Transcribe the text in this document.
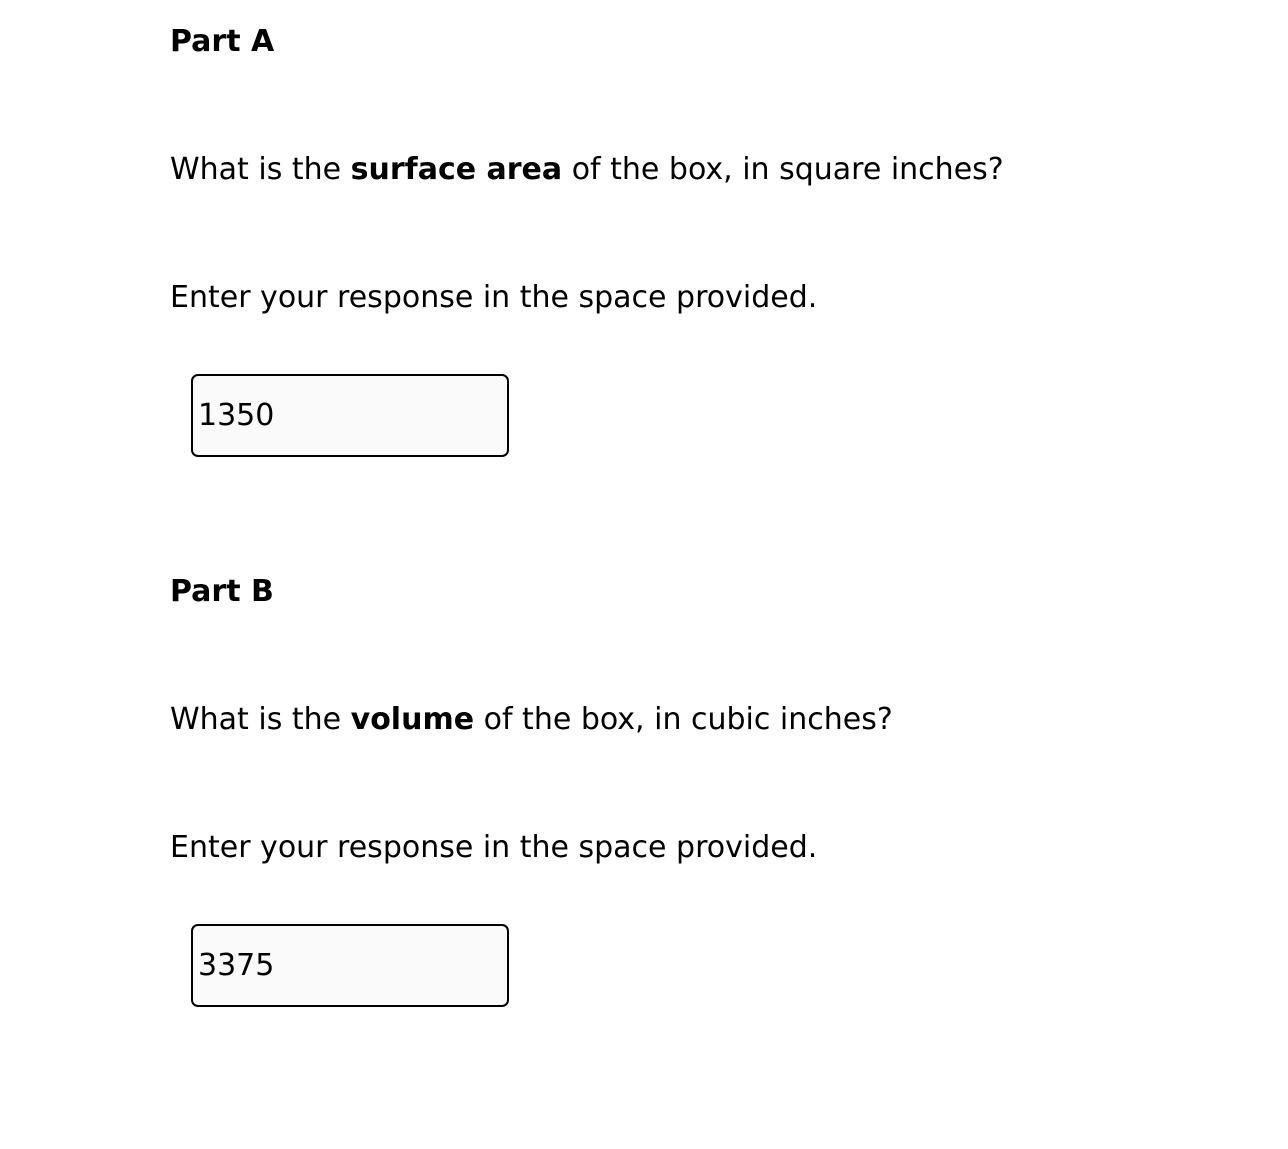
Part A

What is the surface area of the box, in square inches?

Enter your response in the space provided.

1350
Part B

What is the volume of the box, in cubic inches?

Enter your response in the space provided.

3375
